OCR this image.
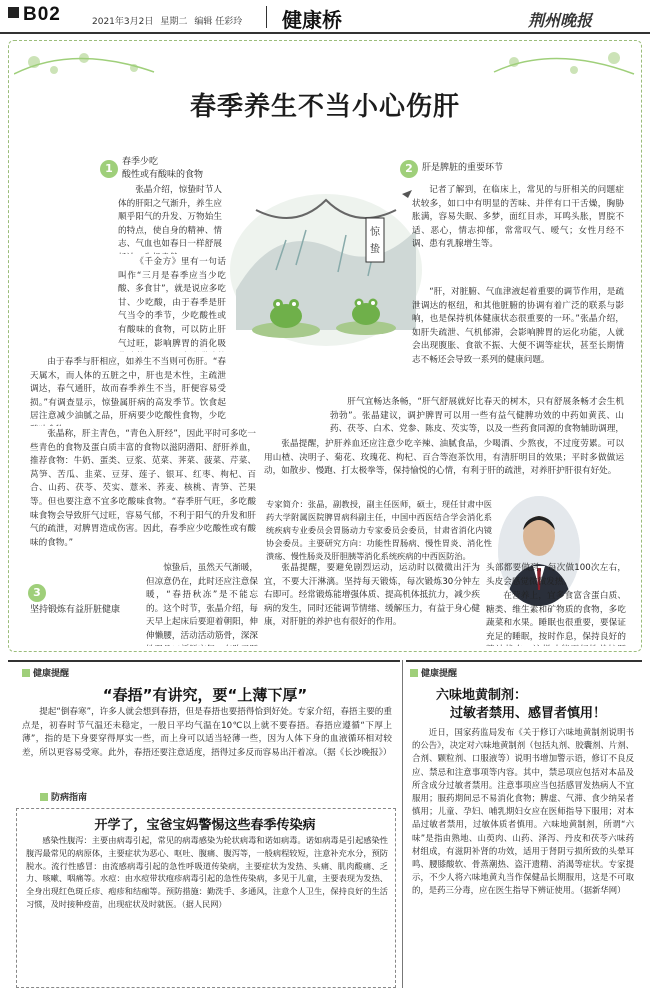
B02	2021年3月2日 星期二 编辑 任彩玲	健康桥	荆州晚报
春季养生不当小心伤肝
1	春季少吃
酸性或有酸味的食物
张晶介绍，惊蛰时节人体的肝阳之气渐升，养生应顺乎阳气的升发、万物始生的特点，使自身的精神、情志、气血也如春日一样舒展
《千金方》里有一句话叫作“三月是春季应当少吃酸、多食甘”，就是说应多吃甘、少吃酸，由于春季是肝气当令的季节，少吃酸性或有酸味的食物，可以防止肝气过旺，影响脾胃的消化吸
由于春季与肝相应，如养生不当则可伤肝。“春天属木，而人体的五脏之中，肝也是木性，主疏泄调达，春气通肝，故而春季养生不当，肝便容易受损。”有调查显示，惊蛰属肝病的高发季节。饮食起居注意减少油腻之品，肝病要少吃酸性食物，少吃
张晶称，肝主青色，“青色入肝经”，因此平时可多吃一些青色的食物及蛋白质丰富的食物以滋阴潜阳、舒肝养血，推荐食物：牛奶、蛋类、豆浆、苋菜、荠菜、菠菜、芹菜、莴笋、苦瓜、韭菜、豆芽、莲子、银耳、红枣、枸杞、百合、山药、茯苓、芡实、薏米、荞麦、核桃、青笋、芒果等。但也要注意不宜多吃酸味食物。“春季肝气旺，多吃酸味食物会导致肝气过旺，容易气郁，不利于阳气的升发和肝气的疏泄，对脾胃造成伤害。因此，春季应少吃酸性或有酸味的食物。”
惊
蛰
2	肝是脾脏的重要环节
记者了解到，在临床上，常见的与肝相关的问题症状较多，如口中有明显的苦味、并伴有口干舌燥，胸胁胀满，容易失眠、多梦，面红目赤，耳鸣头胀，胃脘不适、恶心，情志抑郁，常常叹气、嗳气；女性月经不调、患有乳腺增生等。
“肝，对脏腑、气血津液起着重要的调节作用，是疏泄调达的枢纽，和其他脏腑的协调有着广泛的联系与影响，也是保持机体健康状态很重要的一环。”张晶介绍，如肝失疏泄、气机郁滞，会影响脾胃的运化功能，人就会出现腹胀、食欲不振、大便不调等症状，甚至长期情志不畅还会导致一系列的健康问题。
肝气宜畅达条畅，“肝气舒展就好比春天的树木，只有舒展条畅才会生机勃勃”。张晶建议，调护脾胃可以用一些有益气健脾功效的中药如黄芪、山药、茯苓、白术、党参、陈皮、芡实等，以及一些药食同源的食物辅助调理，
张晶提醒，护肝养血还应注意少吃辛辣、油腻食品，少喝酒、少熬夜，不过度劳累。可以用山楂、决明子、菊花、玫瑰花、枸杞、百合等泡茶饮用，有清肝明目的效果；平时多做做运动，如散步、慢跑、打太极拳等，保持愉悦的心情，有利于肝的疏泄，对养肝护肝很有好处。
专家简介：张晶，副教授，副主任医师，硕士，现任甘肃中医药大学附属医院脾胃病科副主任，中国中西医结合学会消化系统疾病专业委员会胃肠动力专家委员会委员，甘肃省消化内镜协会委员。主要研究方向：功能性胃肠病、慢性胃炎、消化性溃疡、慢性肠炎及肝胆胰等消化系统疾病的中西医防治。
3
坚持锻炼有益肝脏健康
惊蛰后，虽然天气渐暖，但凉意仍在，此时还应注意保暖，“春捂秋冻”是不能忘的。这个时节，张晶介绍，每天早上起床后要迎着朝阳，伸伸懒腰，活动活动筋骨，深深
张晶提醒，要避免剧烈运动，运动时以微微出汗为宜，不要大汗淋漓。坚持每天锻炼，每次锻炼30分钟左右即可。经常锻炼能增强体质、提高机体抵抗力，减少疾病的发生，同时还能调节情绪、缓解压力，有益于身心健康，对肝脏的养护也有很好的作用。
头部都要做到，每次做100次左右，头皮会感觉微微发热。
在营养上，宜多食富含蛋白质、糖类、维生素和矿物质的食物，多吃蔬菜和水果。睡眠也很重要，要保证充足的睡眠，按时作息，保持良好的
健康提醒
“春捂”有讲究，要“上薄下厚”
提起“倒春寒”，许多人就会想到春捂，但是春捂也要捂得恰到好处。专家介绍，春捂主要的重点是，初春时节气温还未稳定，一般日平均气温在10℃以上就不要春捂。春捂应遵循“下厚上薄”，指的是下身要穿得厚实一些，而上身可以适当轻薄一些，因为人体下身的血液循环相对较差，所以更容易受寒。此外，春捂还要注意适度，捂得过多反而容易出汗着凉。（据《长沙晚报》）
防病指南
开学了，宝爸宝妈警惕这些春季传染病
感染性腹泻：主要由病毒引起，常见的病毒感染为轮状病毒和诺如病毒。诺如病毒是引起感染性腹泻最常见的病原体，主要症状为恶心、呕吐、腹痛、腹泻等，一般病程较短，注意补充水分，预防脱水。流行性感冒：由流感病毒引起的急性呼吸道传染病，主要症状为发热、头痛、肌肉酸痛、乏力、咳嗽、咽痛等。水痘：由水痘带状疱疹病毒引起的急性传染病，多见于儿童，主要表现为发热、全身出现红色斑丘疹、疱疹和结痂等。预防措施：勤洗手、多通风，注意个人卫生，保持良好的生活习惯，及时接种疫苗，出现症状及时就医。（据人民网）
健康提醒
六味地黄制剂：
过敏者禁用、感冒者慎用！
近日，国家药监局发布《关于修订六味地黄制剂说明书的公告》，决定对六味地黄制剂（包括丸剂、胶囊剂、片剂、合剂、颗粒剂、口服液等）说明书增加警示语，修订不良反应、禁忌和注意事项等内容。其中，禁忌项应包括对本品及所含成分过敏者禁用。注意事项应当包括感冒发热病人不宜服用；服药期间忌不易消化食物；脾虚、气滞、食少纳呆者慎用；儿童、孕妇、哺乳期妇女应在医师指导下服用；对本品过敏者禁用，过敏体质者慎用。六味地黄制剂，所谓“六味”是指由熟地、山萸肉、山药、泽泻、丹皮和茯苓六味药材组成，有滋阴补肾的功效，适用于肾阴亏损所致的头晕耳鸣、腰膝酸软、骨蒸潮热、盗汗遗精、消渴等症状。专家提示，不少人将六味地黄丸当作保健品长期服用，这是不可取的，是药三分毒，应在医生指导下辨证使用。（据新华网）
